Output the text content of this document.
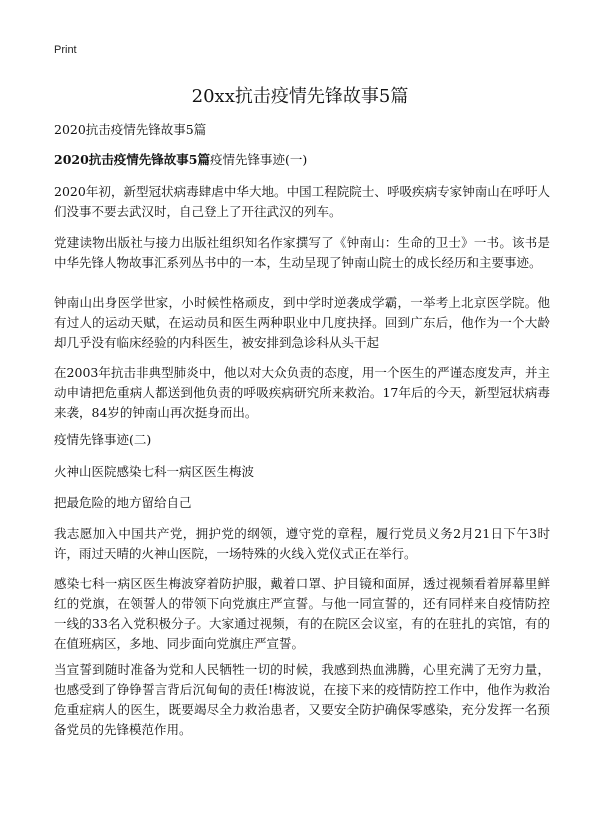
Print
20xx抗击疫情先锋故事5篇

2020抗击疫情先锋故事5篇

2020抗击疫情先锋故事5篇疫情先锋事迹(一)

2020年初，新型冠状病毒肆虐中华大地。中国工程院院士、呼吸疾病专家钟南山在呼吁人们没事不要去武汉时，自己登上了开往武汉的列车。

党建读物出版社与接力出版社组织知名作家撰写了《钟南山：生命的卫士》一书。该书是中华先锋人物故事汇系列丛书中的一本，生动呈现了钟南山院士的成长经历和主要事迹。

钟南山出身医学世家，小时候性格顽皮，到中学时逆袭成学霸，一举考上北京医学院。他有过人的运动天赋，在运动员和医生两种职业中几度抉择。回到广东后，他作为一个大龄却几乎没有临床经验的内科医生，被安排到急诊科从头干起

在2003年抗击非典型肺炎中，他以对大众负责的态度，用一个医生的严谨态度发声，并主动申请把危重病人都送到他负责的呼吸疾病研究所来救治。17年后的今天，新型冠状病毒来袭，84岁的钟南山再次挺身而出。

疫情先锋事迹(二)

火神山医院感染七科一病区医生梅波

把最危险的地方留给自己

我志愿加入中国共产党，拥护党的纲领，遵守党的章程，履行党员义务2月21日下午3时许，雨过天晴的火神山医院，一场特殊的火线入党仪式正在举行。

感染七科一病区医生梅波穿着防护服，戴着口罩、护目镜和面屏，透过视频看着屏幕里鲜红的党旗，在领誓人的带领下向党旗庄严宣誓。与他一同宣誓的，还有同样来自疫情防控一线的33名入党积极分子。大家通过视频，有的在院区会议室，有的在驻扎的宾馆，有的在值班病区，多地、同步面向党旗庄严宣誓。

当宣誓到随时准备为党和人民牺牲一切的时候，我感到热血沸腾，心里充满了无穷力量，也感受到了铮铮誓言背后沉甸甸的责任!梅波说，在接下来的疫情防控工作中，他作为救治危重症病人的医生，既要竭尽全力救治患者，又要安全防护确保零感染，充分发挥一名预备党员的先锋模范作用。
